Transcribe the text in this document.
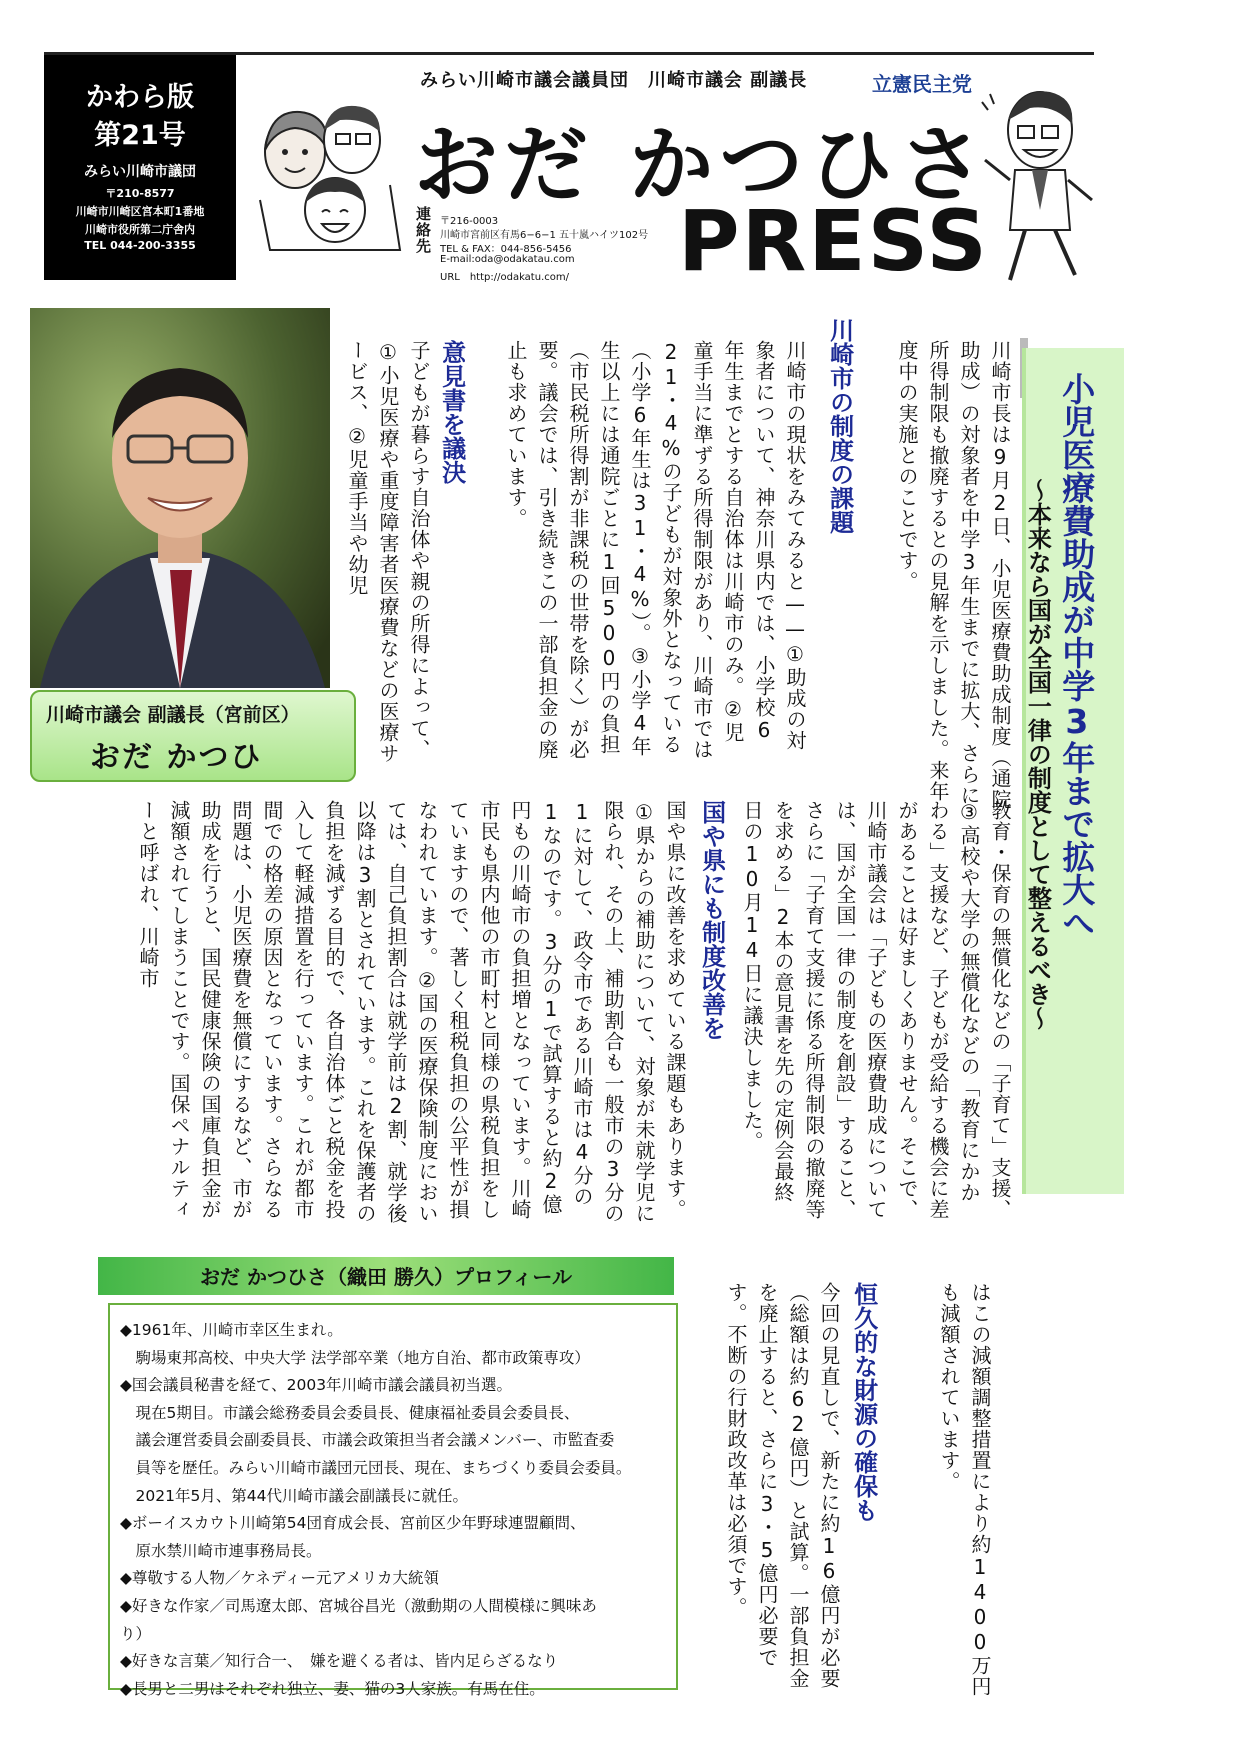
かわら版
第21号
みらい川崎市議団
〒210-8577
川崎市川崎区宮本町1番地
川崎市役所第二庁舎内
TEL 044-200-3355
みらい川崎市議会議員団　川崎市議会 副議長	立憲民主党
おだ かつひさ
PRESS
連絡先 〒216-0003
川崎市宮前区有馬6−6−1 五十嵐ハイツ102号
TEL & FAX：044-856-5456
E-mail:oda@odakatau.com
URL　http://odakatu.com/
川崎市議会 副議長（宮前区）
おだ かつひ	小児医療費助成が中学3年まで拡大へ
〜本来なら国が全国一律の制度として整えるべき〜
川崎市長は9月2日、小児医療費助成制度（通院助成）の対象者を中学3年生までに拡大、さらに所得制限も撤廃するとの見解を示しました。来年度中の実施とのことです。
川崎市の制度の課題
川崎市の現状をみてみると——①助成の対象者について、神奈川県内では、小学校6年生までとする自治体は川崎市のみ。②児童手当に準ずる所得制限があり、川崎市では21・4%の子どもが対象外となっている（小学6年生は31・4%）。③小学4年生以上には通院ごとに1回500円の負担（市民税所得割が非課税の世帯を除く）が必要。議会では、引き続きこの一部負担金の廃止も求めています。
意見書を議決
子どもが暮らす自治体や親の所得によって、①小児医療や重度障害者医療費などの医療サービス、②児童手当や幼児
教育・保育の無償化などの「子育て」支援、③高校や大学の無償化などの「教育にかかわる」支援など、子どもが受給する機会に差があることは好ましくありません。そこで、川崎市議会は「子どもの医療費助成については、国が全国一律の制度を創設」すること、さらに「子育て支援に係る所得制限の撤廃等を求める」2本の意見書を先の定例会最終日の10月14日に議決しました。
国や県にも制度改善を
国や県に改善を求めている課題もあります。①県からの補助について、対象が未就学児に限られ、その上、補助割合も一般市の3分の1に対して、政令市である川崎市は4分の1なのです。3分の1で試算すると約2億円もの川崎市の負担増となっています。川崎市民も県内他の市町村と同様の県税負担をしていますので、著しく租税負担の公平性が損なわれています。②国の医療保険制度においては、自己負担割合は就学前は2割、就学後以降は3割とされています。これを保護者の負担を減ずる目的で、各自治体ごと税金を投入して軽減措置を行っています。これが都市間での格差の原因となっています。さらなる問題は、小児医療費を無償にするなど、市が助成を行うと、国民健康保険の国庫負担金が減額されてしまうことです。国保ペナルティーと呼ばれ、川崎市
はこの減額調整措置により約1400万円も減額されています。
恒久的な財源の確保も
今回の見直しで、新たに約16億円が必要（総額は約62億円）と試算。一部負担金を廃止すると、さらに3・5億円必要です。不断の行財政改革は必須です。
おだ かつひさ（織田 勝久）プロフィール
◆1961年、川崎市幸区生まれ。
　駒場東邦高校、中央大学 法学部卒業（地方自治、都市政策専攻）
◆国会議員秘書を経て、2003年川崎市議会議員初当選。
　現在5期目。市議会総務委員会委員長、健康福祉委員会委員長、
　議会運営委員会副委員長、市議会政策担当者会議メンバー、市監査委
　員等を歴任。みらい川崎市議団元団長、現在、まちづくり委員会委員。
　2021年5月、第44代川崎市議会副議長に就任。
◆ボーイスカウト川崎第54団育成会長、宮前区少年野球連盟顧問、
　原水禁川崎市連事務局長。
◆尊敬する人物／ケネディー元アメリカ大統領
◆好きな作家／司馬遼太郎、宮城谷昌光（激動期の人間模様に興味あ
り）
◆好きな言葉／知行合一、　嫌を避くる者は、皆内足らざるなり
◆長男と二男はそれぞれ独立、妻、猫の3人家族。有馬在住。
